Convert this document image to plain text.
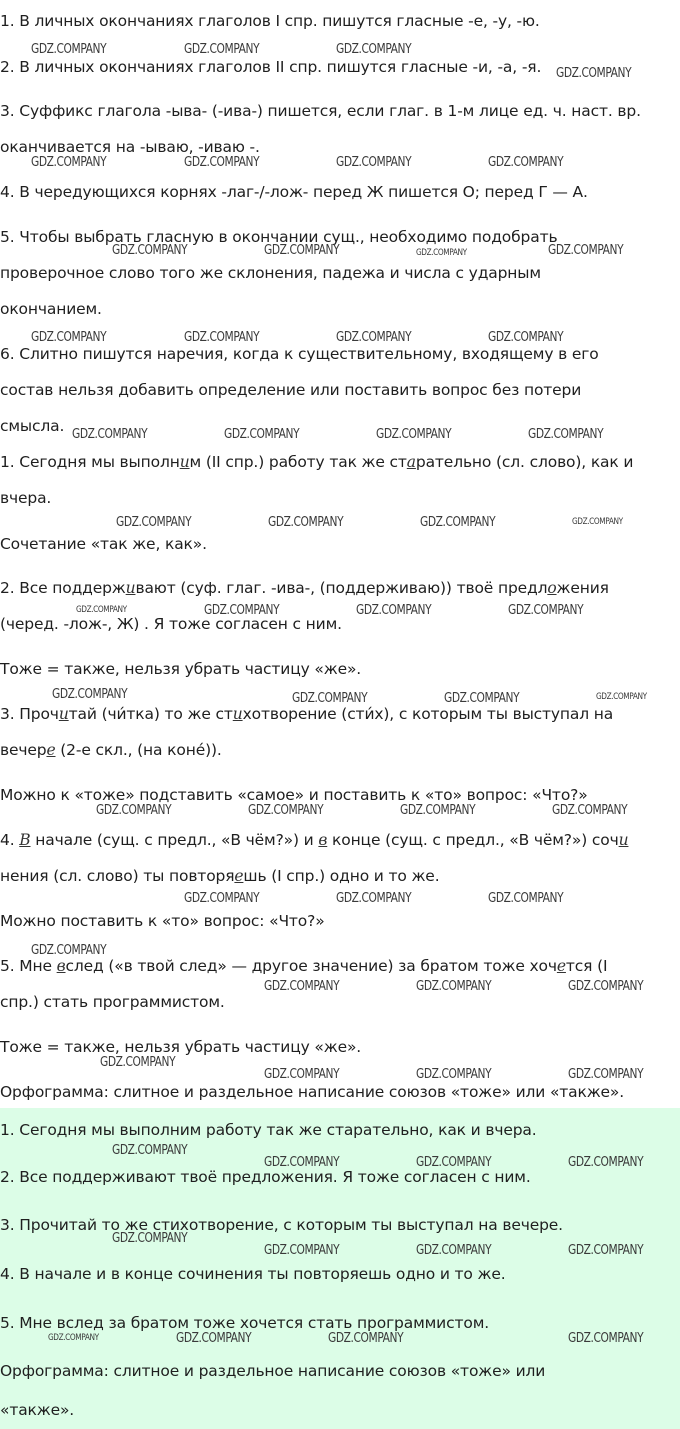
1. В личных окончаниях глаголов I спр. пишутся гласные -е, -у, -ю.
2. В личных окончаниях глаголов II спр. пишутся гласные -и, -а, -я.
3. Суффикс глагола -ыва- (-ива-) пишется, если глаг. в 1-м лице ед. ч. наст. вр.
оканчивается на -ываю, -иваю -.
4. В чередующихся корнях -лаг-/-лож- перед Ж пишется О; перед Г — А.
5. Чтобы выбрать гласную в окончании сущ., необходимо подобрать
проверочное слово того же склонения, падежа и числа с ударным
окончанием.
6. Слитно пишутся наречия, когда к существительному, входящему в его
состав нельзя добавить определение или поставить вопрос без потери
смысла.
1. Сегодня мы выполним (II спр.) работу так же старательно (сл. слово), как и
вчера.
Сочетание «так же, как».
2. Все поддерживают (суф. глаг. -ива-, (поддерживаю)) твоё предложения
(черед. -лож-, Ж) . Я тоже согласен с ним.
Тоже = также, нельзя убрать частицу «же».
3. Прочитай (чи́тка) то же стихотворение (сти́х), с которым ты выступал на
вечере (2-е скл., (на коне́)).
Можно к «тоже» подставить «самое» и поставить к «то» вопрос: «Что?»
4. В начале (сущ. с предл., «В чём?») и в конце (сущ. с предл., «В чём?») сочи
нения (сл. слово) ты повторяешь (I спр.) одно и то же.
Можно поставить к «то» вопрос: «Что?»
5. Мне вслед («в твой след» — другое значение) за братом тоже хочется (I
спр.) стать программистом.
Тоже = также, нельзя убрать частицу «же».
Орфограмма: слитное и раздельное написание союзов «тоже» или «также».
1. Сегодня мы выполним работу так же старательно, как и вчера.
2. Все поддерживают твоё предложения. Я тоже согласен с ним.
3. Прочитай то же стихотворение, с которым ты выступал на вечере.
4. В начале и в конце сочинения ты повторяешь одно и то же.
5. Мне вслед за братом тоже хочется стать программистом.
Орфограмма: слитное и раздельное написание союзов «тоже» или
«также».
GDZ.COMPANY	GDZ.COMPANY	GDZ.COMPANY
GDZ.COMPANY
GDZ.COMPANY	GDZ.COMPANY	GDZ.COMPANY	GDZ.COMPANY
GDZ.COMPANY	GDZ.COMPANY	GDZ.COMPANY	GDZ.COMPANY
GDZ.COMPANY	GDZ.COMPANY	GDZ.COMPANY	GDZ.COMPANY
GDZ.COMPANY	GDZ.COMPANY	GDZ.COMPANY	GDZ.COMPANY
GDZ.COMPANY	GDZ.COMPANY	GDZ.COMPANY	GDZ.COMPANY
GDZ.COMPANY	GDZ.COMPANY	GDZ.COMPANY	GDZ.COMPANY
GDZ.COMPANY	GDZ.COMPANY	GDZ.COMPANY	GDZ.COMPANY
GDZ.COMPANY	GDZ.COMPANY	GDZ.COMPANY	GDZ.COMPANY
GDZ.COMPANY	GDZ.COMPANY	GDZ.COMPANY
GDZ.COMPANY
GDZ.COMPANY	GDZ.COMPANY	GDZ.COMPANY
GDZ.COMPANY
GDZ.COMPANY	GDZ.COMPANY	GDZ.COMPANY
GDZ.COMPANY
GDZ.COMPANY	GDZ.COMPANY	GDZ.COMPANY
GDZ.COMPANY
GDZ.COMPANY	GDZ.COMPANY	GDZ.COMPANY
GDZ.COMPANY	GDZ.COMPANY	GDZ.COMPANY	GDZ.COMPANY
